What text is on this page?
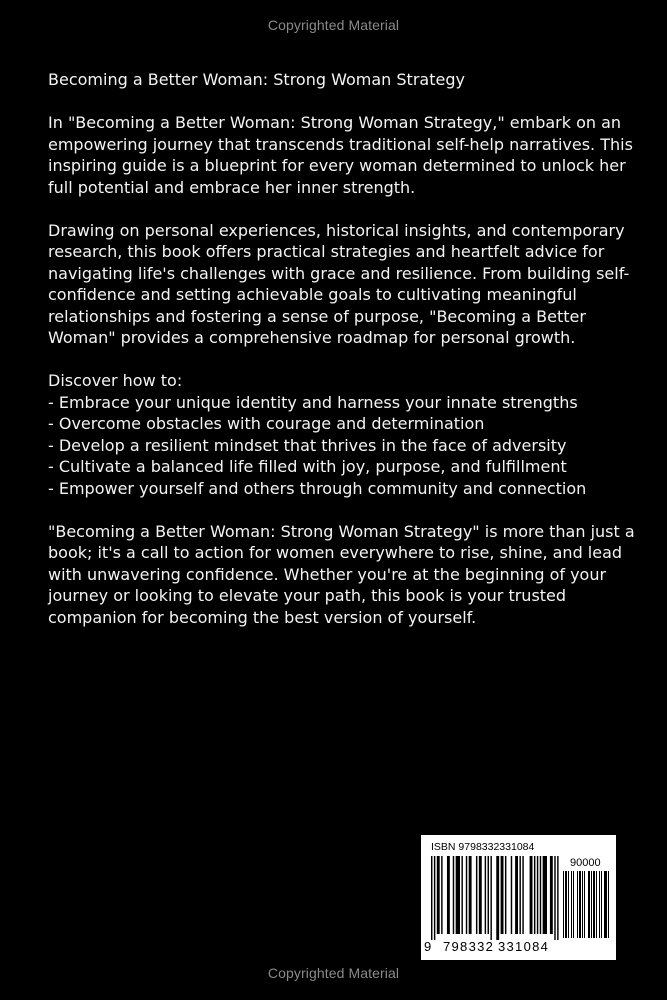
Copyrighted Material

Becoming a Better Woman: Strong Woman Strategy

In "Becoming a Better Woman: Strong Woman Strategy," embark on an empowering journey that transcends traditional self-help narratives. This inspiring guide is a blueprint for every woman determined to unlock her full potential and embrace her inner strength.

Drawing on personal experiences, historical insights, and contemporary research, this book offers practical strategies and heartfelt advice for navigating life's challenges with grace and resilience. From building self-confidence and setting achievable goals to cultivating meaningful relationships and fostering a sense of purpose, "Becoming a Better Woman" provides a comprehensive roadmap for personal growth.

Discover how to:

- Embrace your unique identity and harness your innate strengths

- Overcome obstacles with courage and determination

- Develop a resilient mindset that thrives in the face of adversity

- Cultivate a balanced life filled with joy, purpose, and fulfillment

- Empower yourself and others through community and connection

"Becoming a Better Woman: Strong Woman Strategy" is more than just a book; it's a call to action for women everywhere to rise, shine, and lead with unwavering confidence. Whether you're at the beginning of your journey or looking to elevate your path, this book is your trusted companion for becoming the best version of yourself.

ISBN 9798332331084
90000
9 798332 331084
Copyrighted Material
